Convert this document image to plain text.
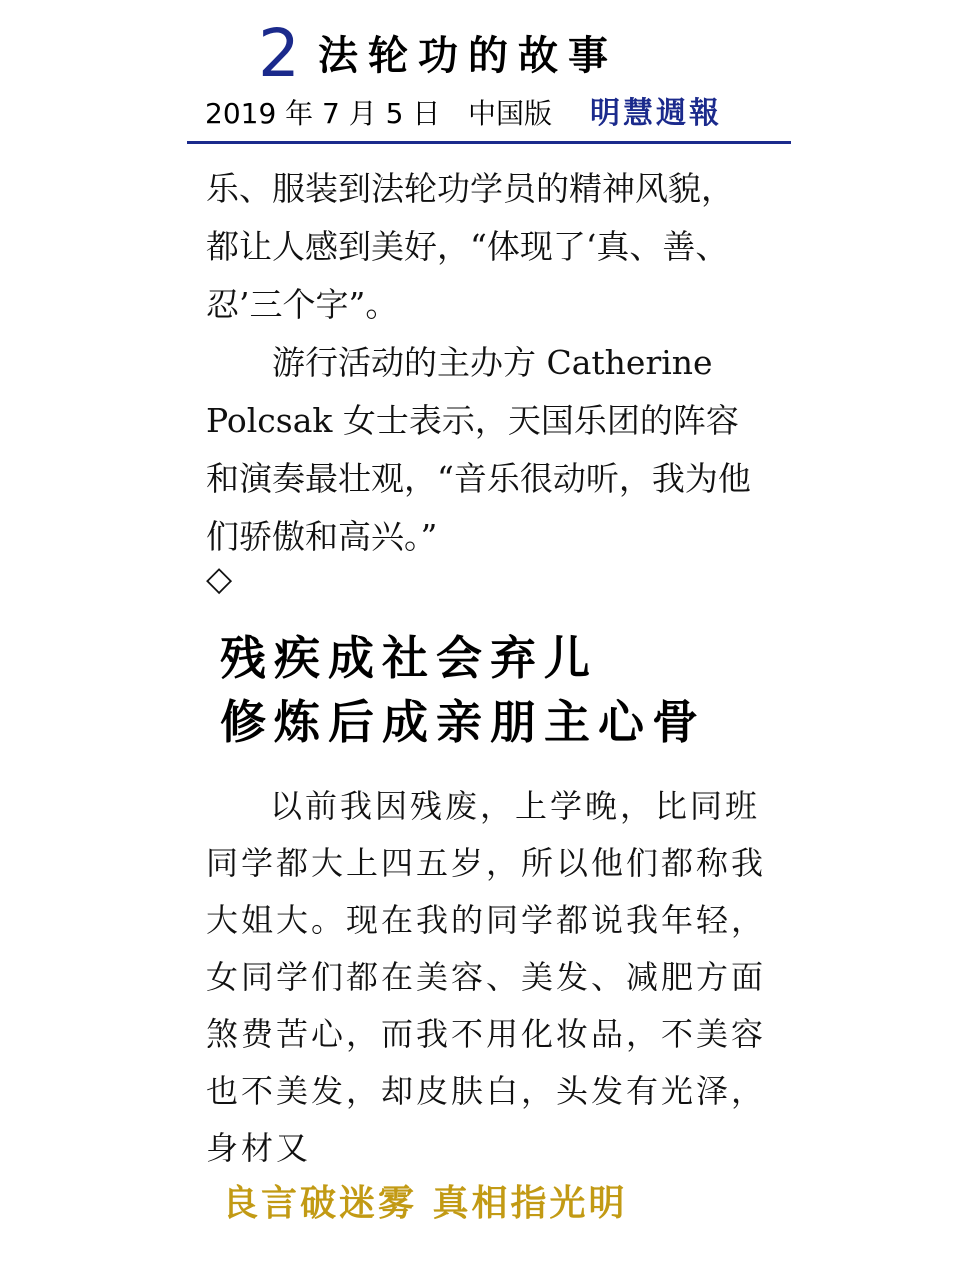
2 法轮功的故事
2019 年 7 月 5 日 中国版 明慧週報
乐、服装到法轮功学员的精神风貌，都让人感到美好，“体现了‘真、善、忍’三个字”。
游行活动的主办方 Catherine Polcsak 女士表示，天国乐团的阵容和演奏最壮观，“音乐很动听，我为他们骄傲和高兴。”
◇
残疾成社会弃儿
修炼后成亲朋主心骨
以前我因残废，上学晚，比同班同学都大上四五岁，所以他们都称我大姐大。现在我的同学都说我年轻，女同学们都在美容、美发、减肥方面煞费苦心，而我不用化妆品，不美容也不美发，却皮肤白，头发有光泽，身材又
良言破迷雾 真相指光明
